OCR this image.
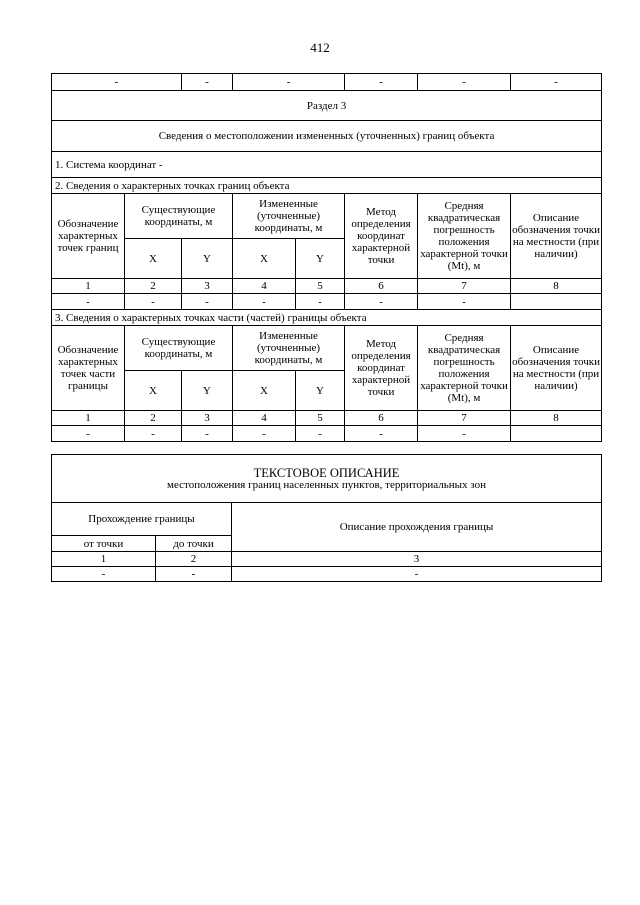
412
-		-	-		-	-	-
Раздел 3							
Сведения о местоположении измененных (уточненных) границ объекта							
1. Система координат -							
2. Сведения о характерных точках границ объекта							
Обозначение характерных точек границ	Существующие координаты, м		Измененные (уточненные) координаты, м		Метод определения координат характерной точки	Средняя квадратическая погрешность положения характерной точки (Mt), м	Описание обозначения точки на местности (при наличии)
	X	Y	X	Y			
1	2	3	4	5	6	7	8
-	-	-	-	-	-	-	
3. Сведения о характерных точках части (частей) границы объекта							
Обозначение характерных точек части границы	Существующие координаты, м		Измененные (уточненные) координаты, м		Метод определения координат характерной точки	Средняя квадратическая погрешность положения характерной точки (Mt), м	Описание обозначения точки на местности (при наличии)
	X	Y	X	Y			
1	2	3	4	5	6	7	8
-	-	-	-	-	-	-	
ТЕКСТОВОЕ ОПИСАНИЕ
местоположения границ населенных пунктов, территориальных зон		

Прохождение границы		Описание прохождения границы
от точки	до точки	
1	2	3
-	-	-
